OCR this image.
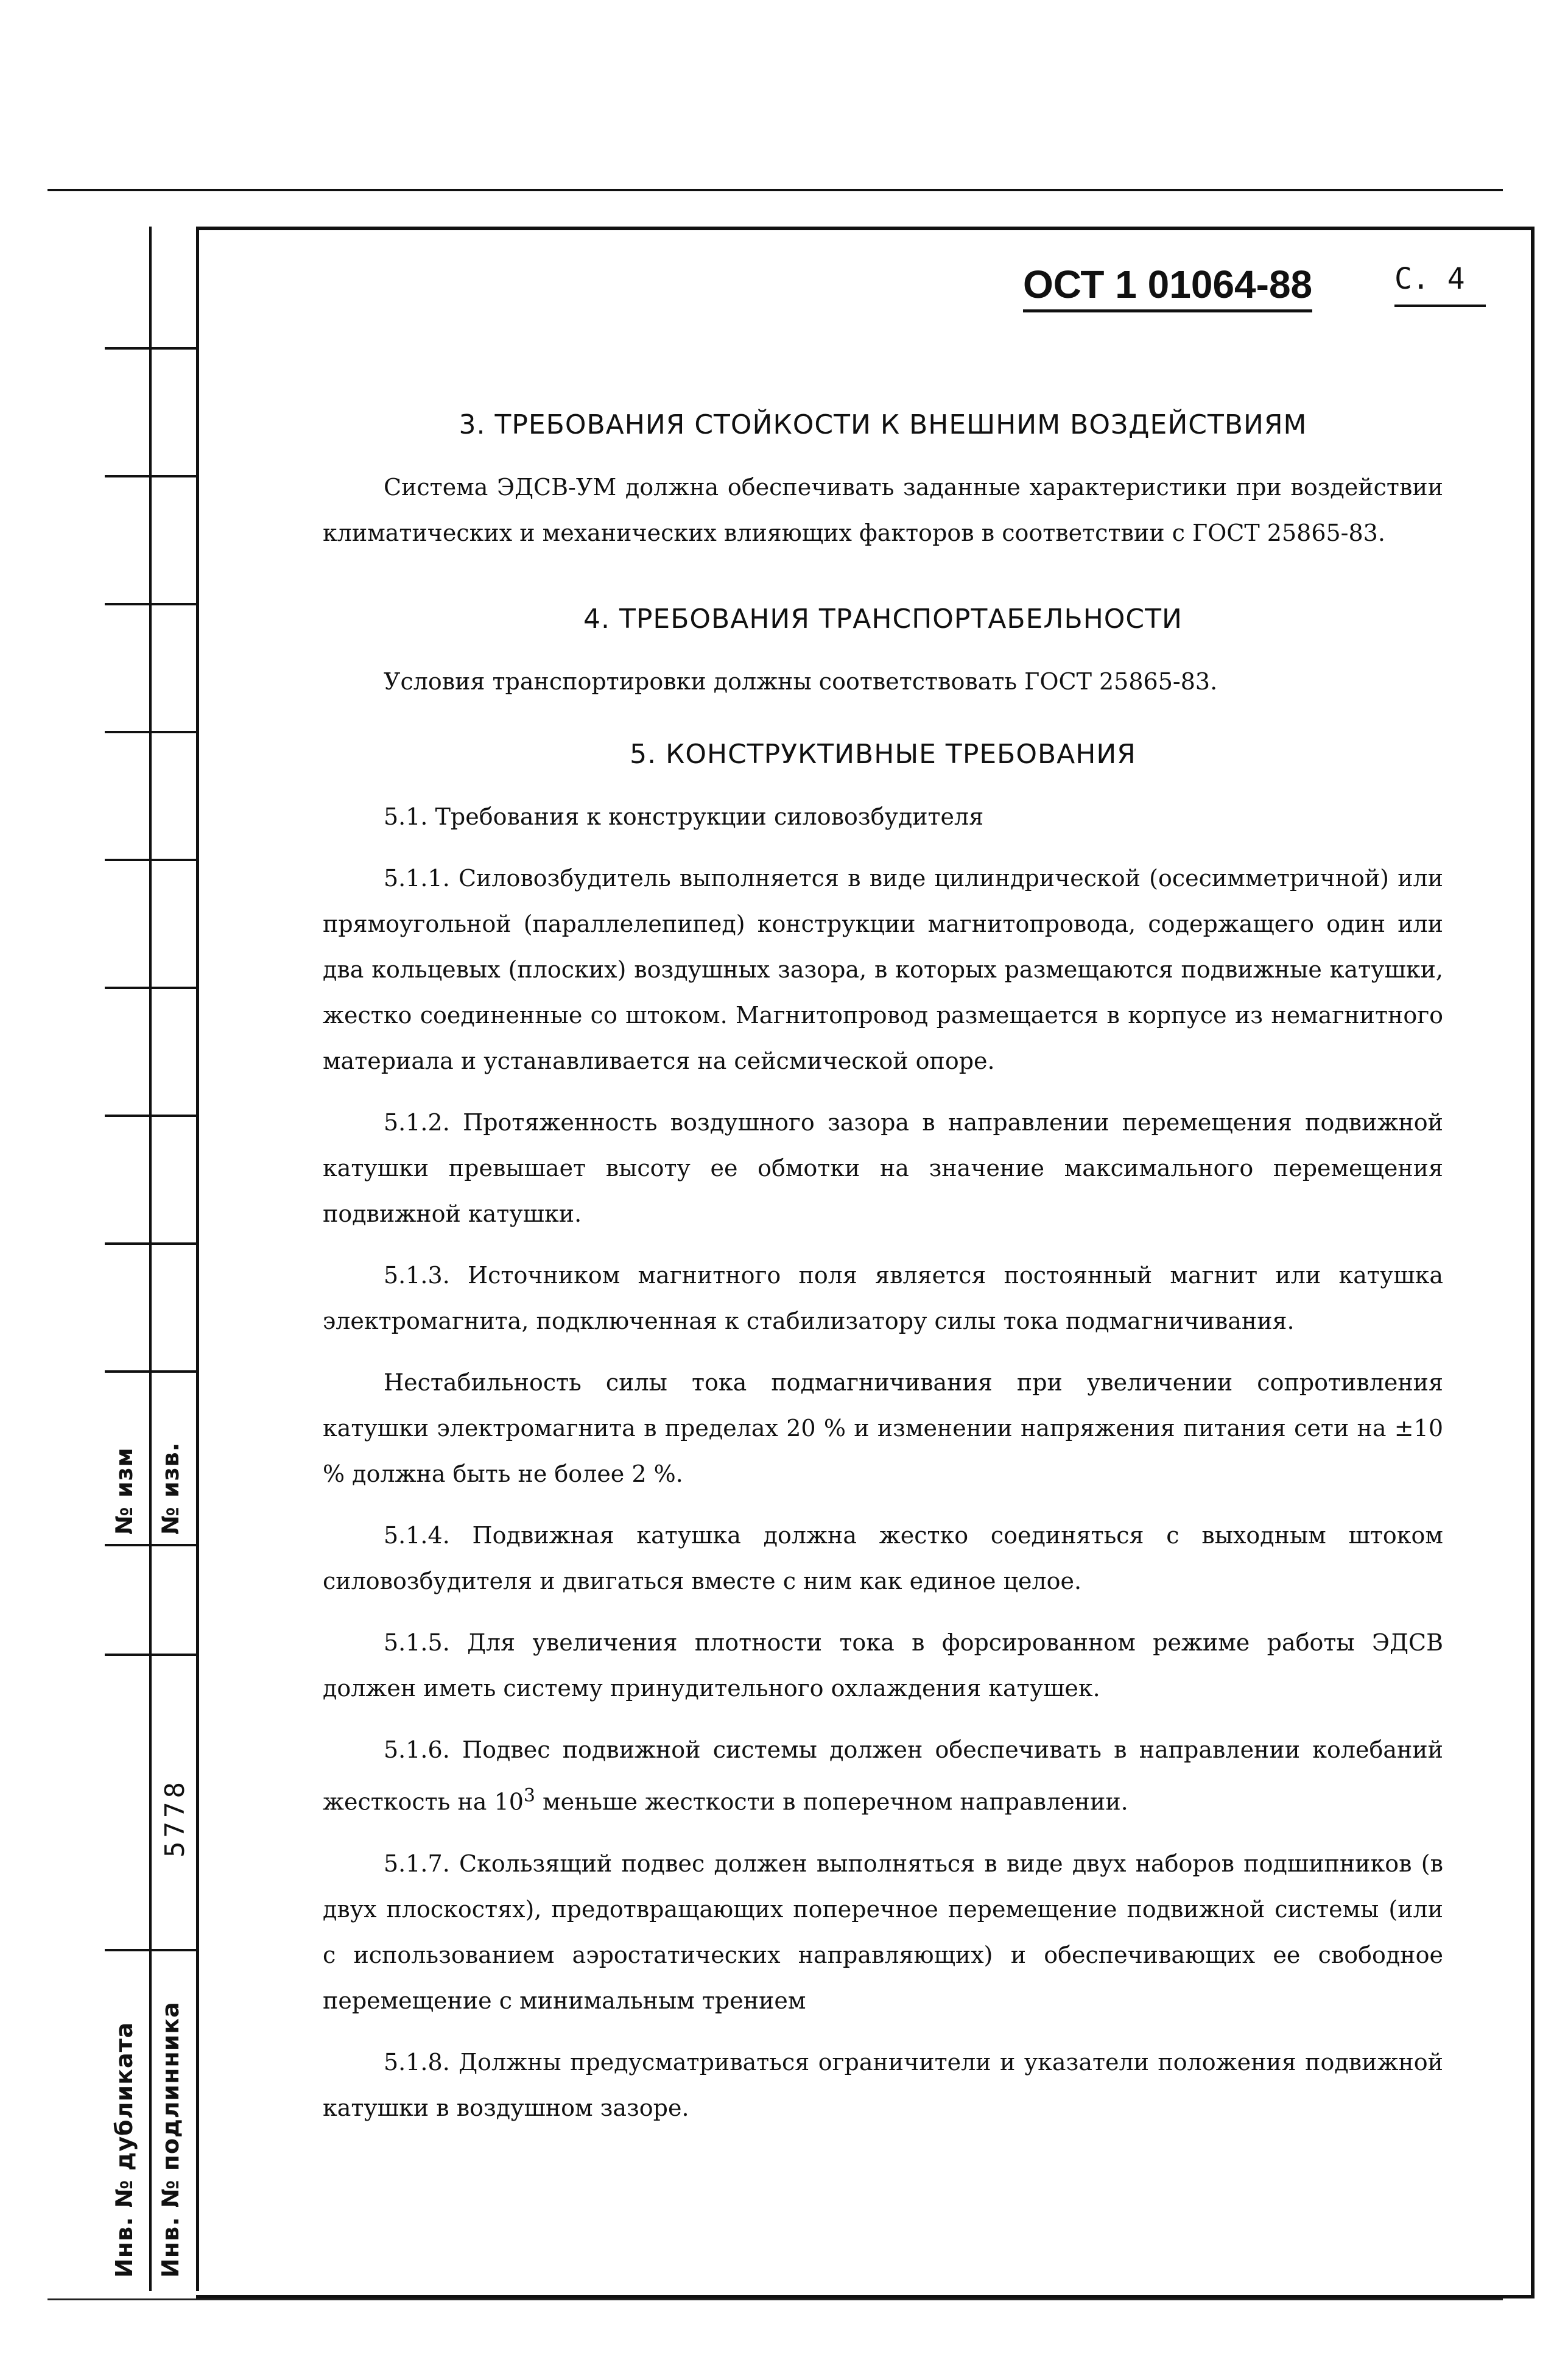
№ изм № изв.
5778
Инв. № дубликата Инв. № подлинника
ОСТ 1 01064-88	С. 4
3. ТРЕБОВАНИЯ СТОЙКОСТИ К ВНЕШНИМ ВОЗДЕЙСТВИЯМ
Система ЭДСВ-УМ должна обеспечивать заданные характеристики при воздействии климатических и механических влияющих факторов в соответствии с ГОСТ 25865-83.
4. ТРЕБОВАНИЯ ТРАНСПОРТАБЕЛЬНОСТИ
Условия транспортировки должны соответствовать ГОСТ 25865-83.
5. КОНСТРУКТИВНЫЕ ТРЕБОВАНИЯ
5.1. Требования к конструкции силовозбудителя
5.1.1. Силовозбудитель выполняется в виде цилиндрической (осесимметричной) или прямоугольной (параллелепипед) конструкции магнитопровода, содержащего один или два кольцевых (плоских) воздушных зазора, в которых размещаются подвижные катушки, жестко соединенные со штоком. Магнитопровод размещается в корпусе из немагнитного материала и устанавливается на сейсмической опоре.
5.1.2. Протяженность воздушного зазора в направлении перемещения подвижной катушки превышает высоту ее обмотки на значение максимального перемещения подвижной катушки.
5.1.3. Источником магнитного поля является постоянный магнит или катушка электромагнита, подключенная к стабилизатору силы тока подмагничивания.
Нестабильность силы тока подмагничивания при увеличении сопротивления катушки электромагнита в пределах 20 % и изменении напряжения питания сети на ±10 % должна быть не более 2 %.
5.1.4. Подвижная катушка должна жестко соединяться с выходным штоком силовозбудителя и двигаться вместе с ним как единое целое.
5.1.5. Для увеличения плотности тока в форсированном режиме работы ЭДСВ должен иметь систему принудительного охлаждения катушек.
5.1.6. Подвес подвижной системы должен обеспечивать в направлении колебаний жесткость на $10^3$ меньше жесткости в поперечном направлении.
5.1.7. Скользящий подвес должен выполняться в виде двух наборов подшипников (в двух плоскостях), предотвращающих поперечное перемещение подвижной системы (или с использованием аэростатических направляющих) и обеспечивающих ее свободное перемещение с минимальным трением
5.1.8. Должны предусматриваться ограничители и указатели положения подвижной катушки в воздушном зазоре.
